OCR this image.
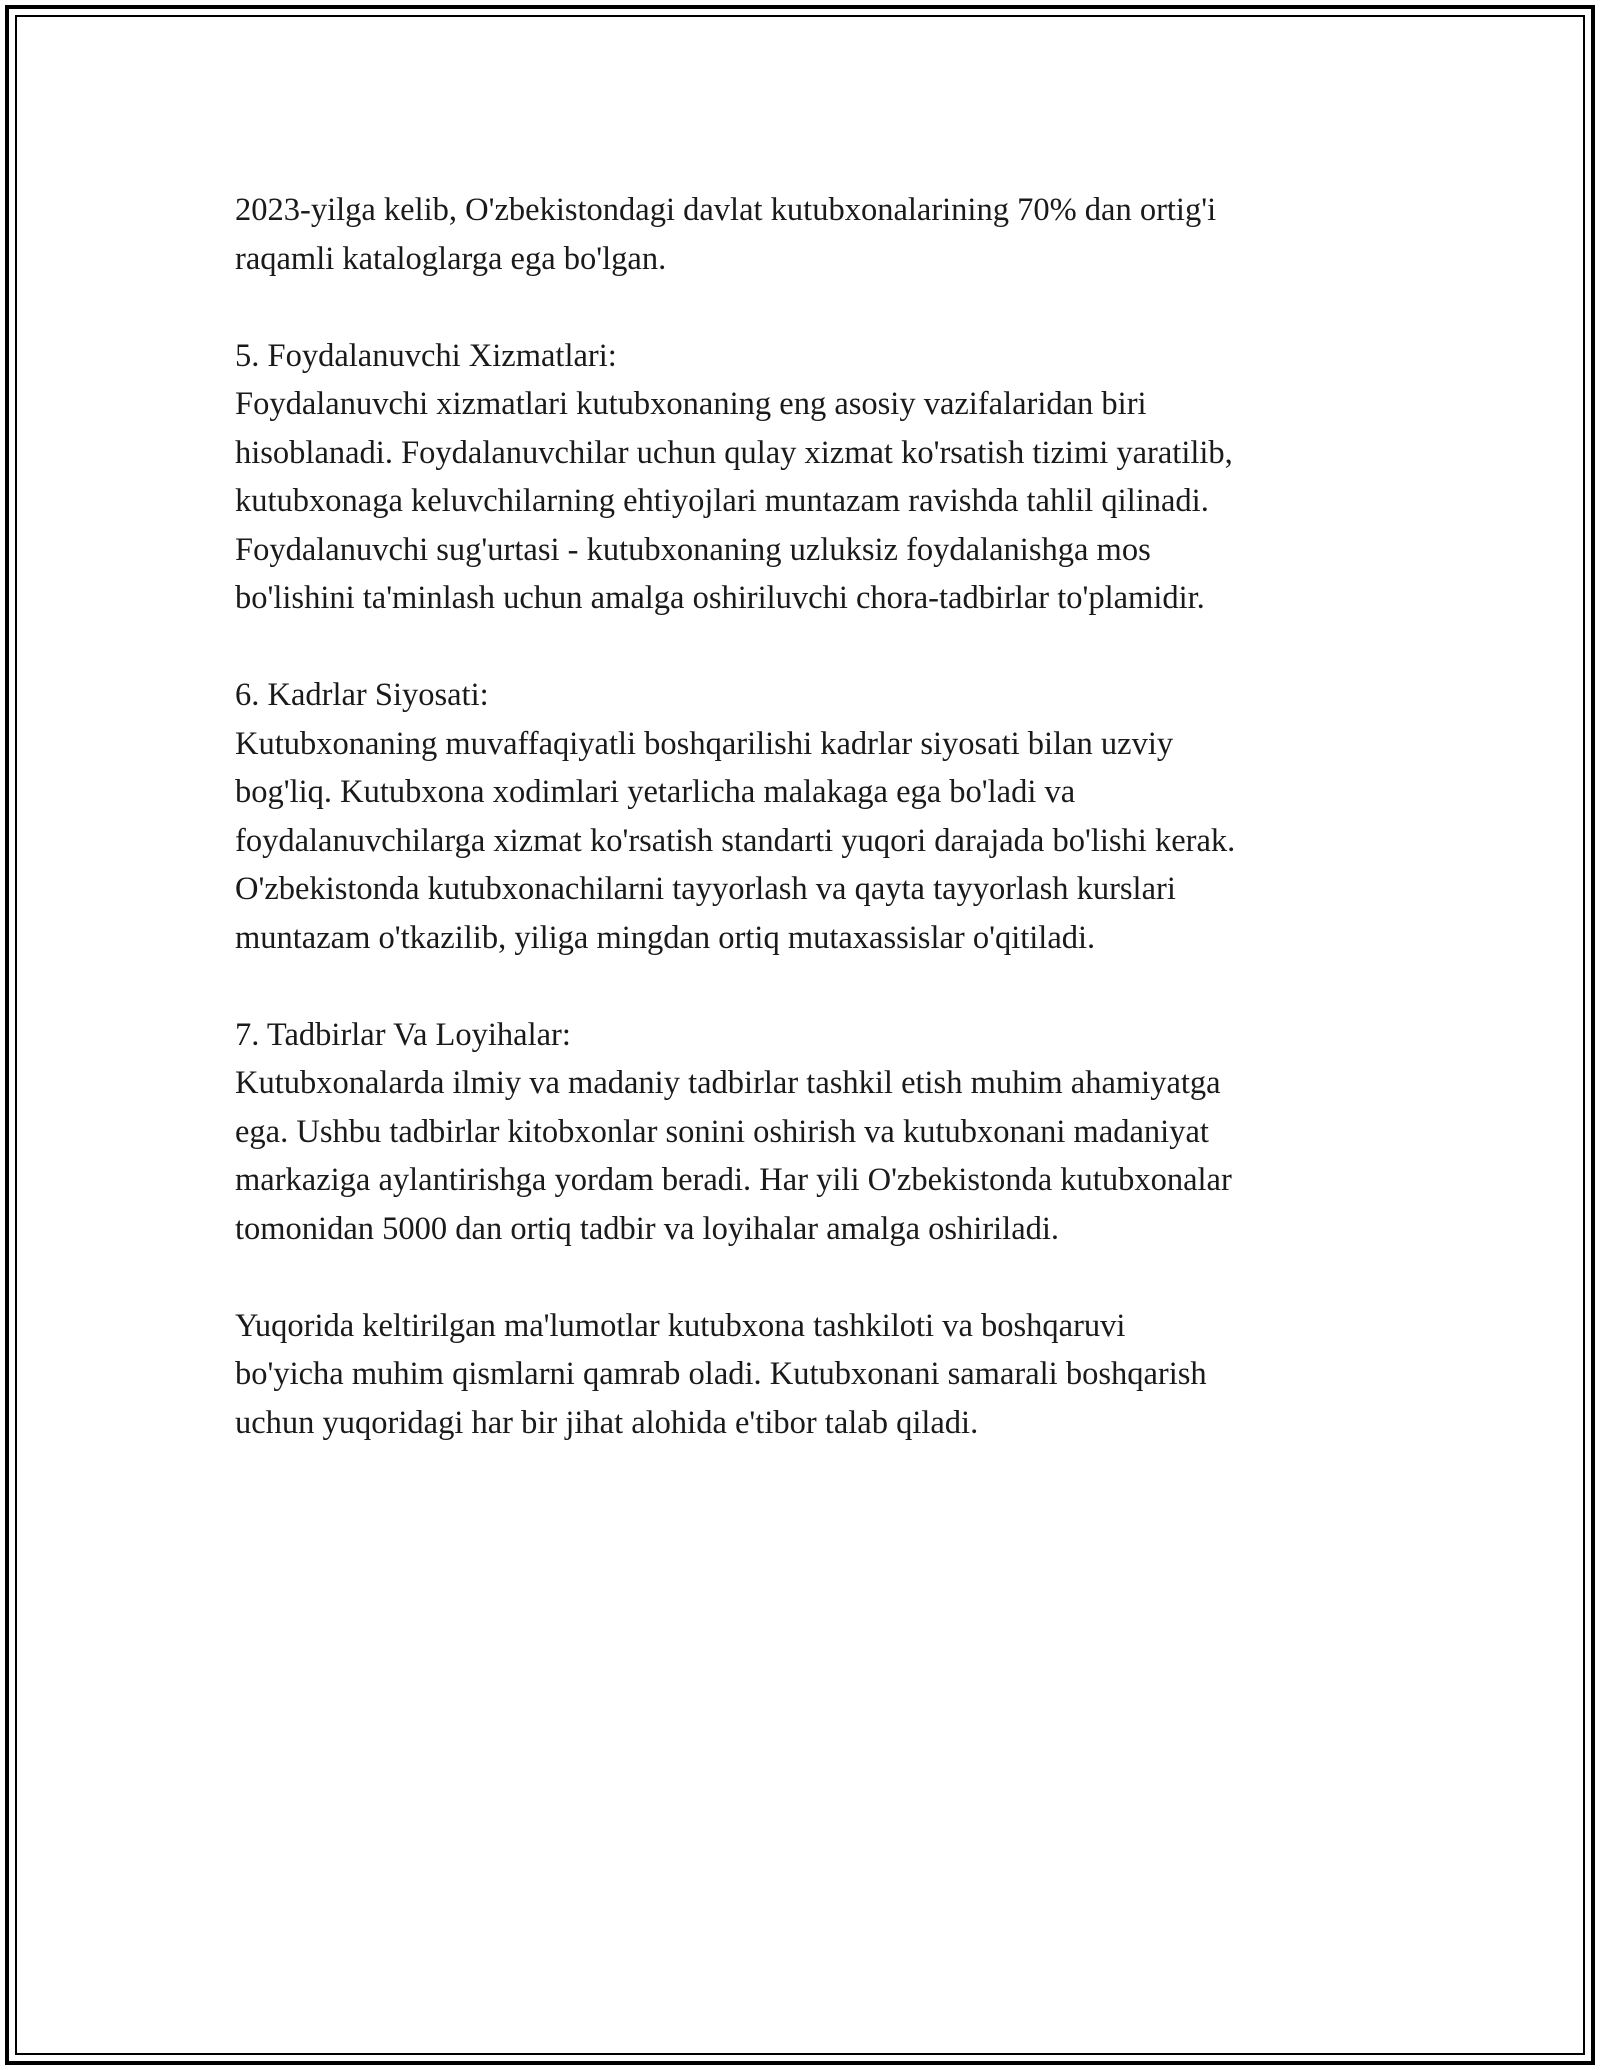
2023-yilga kelib, O'zbekistondagi davlat kutubxonalarining 70% dan ortig'i
raqamli kataloglarga ega bo'lgan.

5. Foydalanuvchi Xizmatlari:

Foydalanuvchi xizmatlari kutubxonaning eng asosiy vazifalaridan biri
hisoblanadi. Foydalanuvchilar uchun qulay xizmat ko'rsatish tizimi yaratilib,
kutubxonaga keluvchilarning ehtiyojlari muntazam ravishda tahlil qilinadi.
Foydalanuvchi sug'urtasi - kutubxonaning uzluksiz foydalanishga mos
bo'lishini ta'minlash uchun amalga oshiriluvchi chora-tadbirlar to'plamidir.

6. Kadrlar Siyosati:

Kutubxonaning muvaffaqiyatli boshqarilishi kadrlar siyosati bilan uzviy
bog'liq. Kutubxona xodimlari yetarlicha malakaga ega bo'ladi va
foydalanuvchilarga xizmat ko'rsatish standarti yuqori darajada bo'lishi kerak.
O'zbekistonda kutubxonachilarni tayyorlash va qayta tayyorlash kurslari
muntazam o'tkazilib, yiliga mingdan ortiq mutaxassislar o'qitiladi.

7. Tadbirlar Va Loyihalar:

Kutubxonalarda ilmiy va madaniy tadbirlar tashkil etish muhim ahamiyatga
ega. Ushbu tadbirlar kitobxonlar sonini oshirish va kutubxonani madaniyat
markaziga aylantirishga yordam beradi. Har yili O'zbekistonda kutubxonalar
tomonidan 5000 dan ortiq tadbir va loyihalar amalga oshiriladi.

Yuqorida keltirilgan ma'lumotlar kutubxona tashkiloti va boshqaruvi
bo'yicha muhim qismlarni qamrab oladi. Kutubxonani samarali boshqarish
uchun yuqoridagi har bir jihat alohida e'tibor talab qiladi.
